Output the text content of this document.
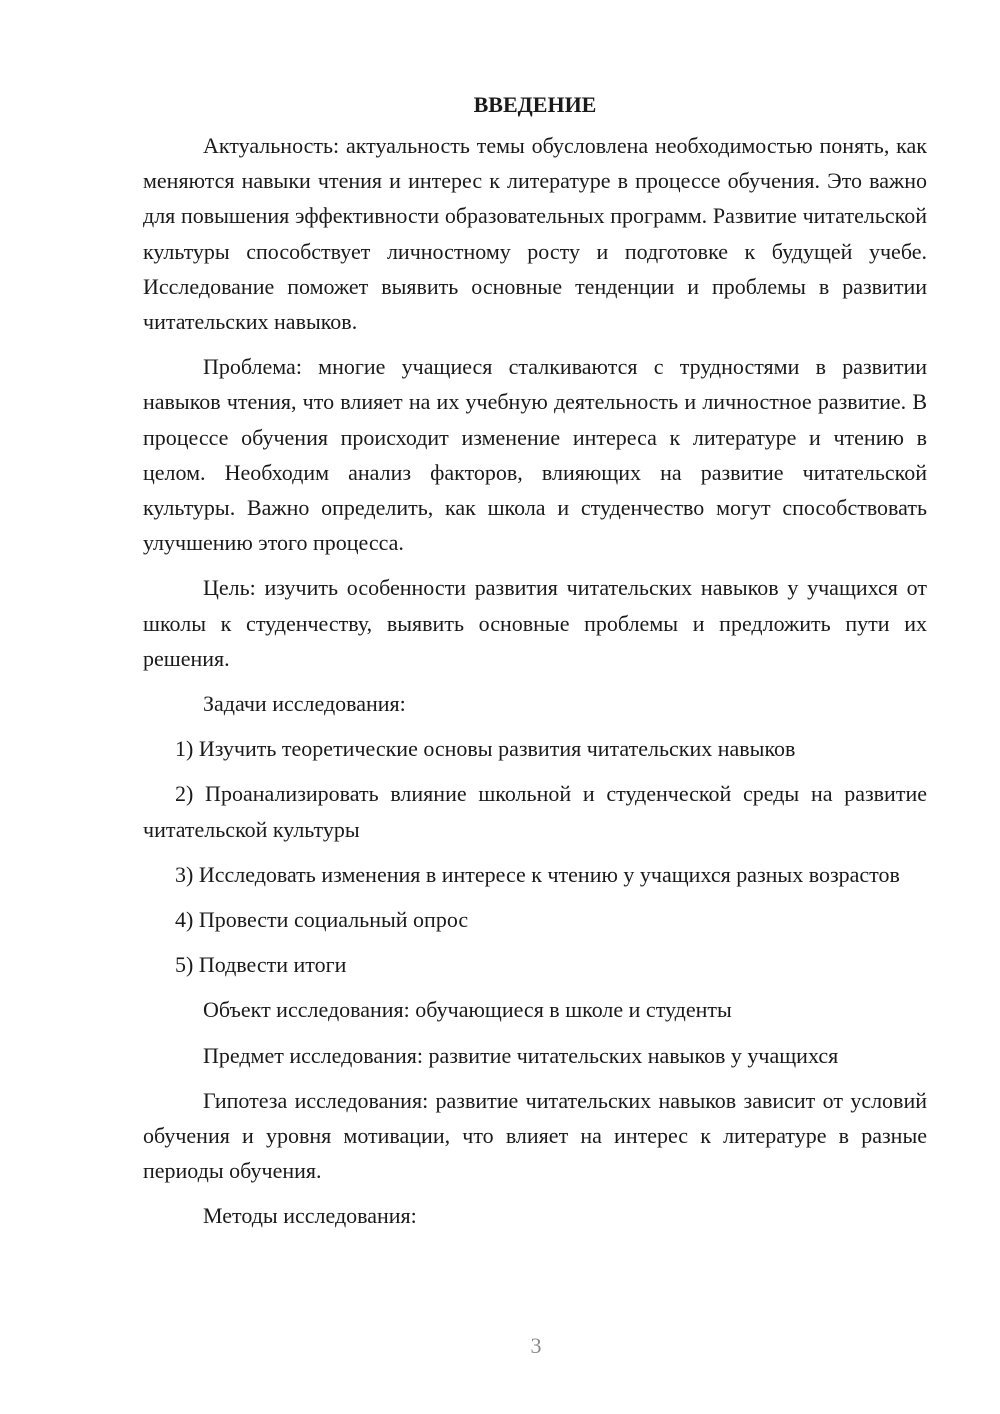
ВВЕДЕНИЕ

Актуальность: актуальность темы обусловлена необходимостью понять, как меняются навыки чтения и интерес к литературе в процессе обучения. Это важно для повышения эффективности образовательных программ. Развитие читательской культуры способствует личностному росту и подготовке к будущей учебе. Исследование поможет выявить основные тенденции и проблемы в развитии читательских навыков.

Проблема: многие учащиеся сталкиваются с трудностями в развитии навыков чтения, что влияет на их учебную деятельность и личностное развитие. В процессе обучения происходит изменение интереса к литературе и чтению в целом. Необходим анализ факторов, влияющих на развитие читательской культуры. Важно определить, как школа и студенчество могут способствовать улучшению этого процесса.

Цель: изучить особенности развития читательских навыков у учащихся от школы к студенчеству, выявить основные проблемы и предложить пути их решения.

Задачи исследования:

1) Изучить теоретические основы развития читательских навыков

2) Проанализировать влияние школьной и студенческой среды на развитие читательской культуры

3) Исследовать изменения в интересе к чтению у учащихся разных возрастов

4) Провести социальный опрос

5) Подвести итоги

Объект исследования: обучающиеся в школе и студенты

Предмет исследования: развитие читательских навыков у учащихся

Гипотеза исследования: развитие читательских навыков зависит от условий обучения и уровня мотивации, что влияет на интерес к литературе в разные периоды обучения.

Методы исследования:

3
